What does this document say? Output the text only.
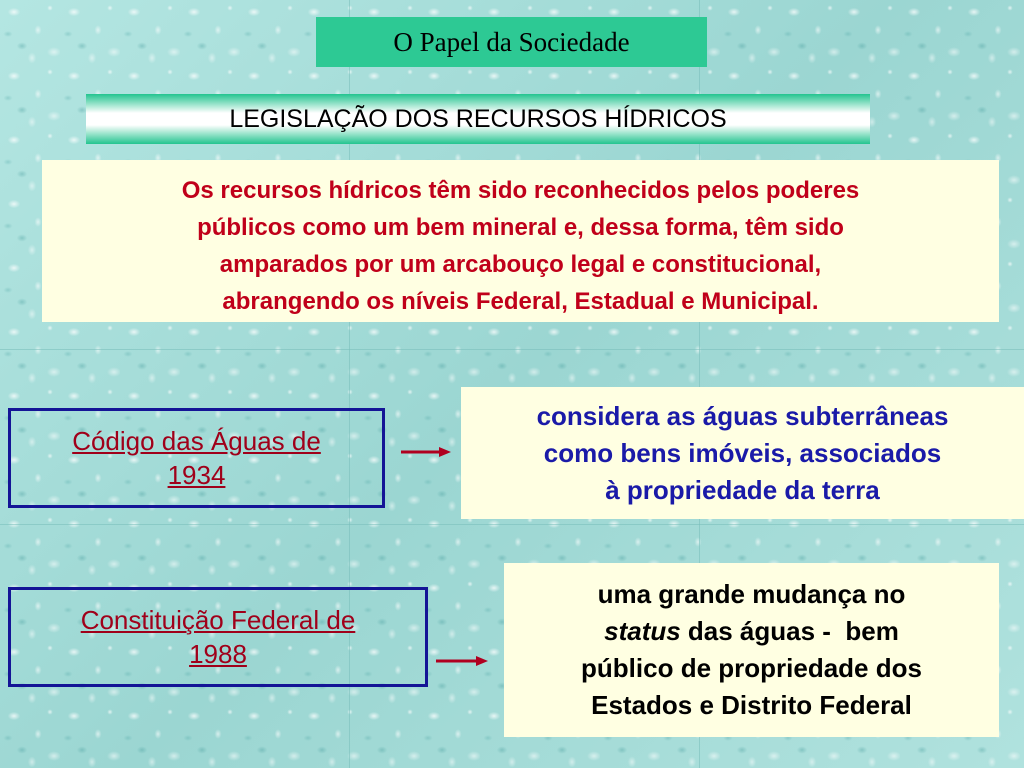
O Papel da Sociedade
LEGISLAÇÃO DOS RECURSOS HÍDRICOS
Os recursos hídricos têm sido reconhecidos pelos poderes
públicos como um bem mineral e, dessa forma, têm sido
amparados por um arcabouço legal e constitucional,
abrangendo os níveis Federal, Estadual e Municipal.
Código das Águas de
1934
considera as águas subterrâneas
como bens imóveis, associados
à propriedade da terra
Constituição Federal de
1988
uma grande mudança no
status das águas -  bem
público de propriedade dos
Estados e Distrito Federal
